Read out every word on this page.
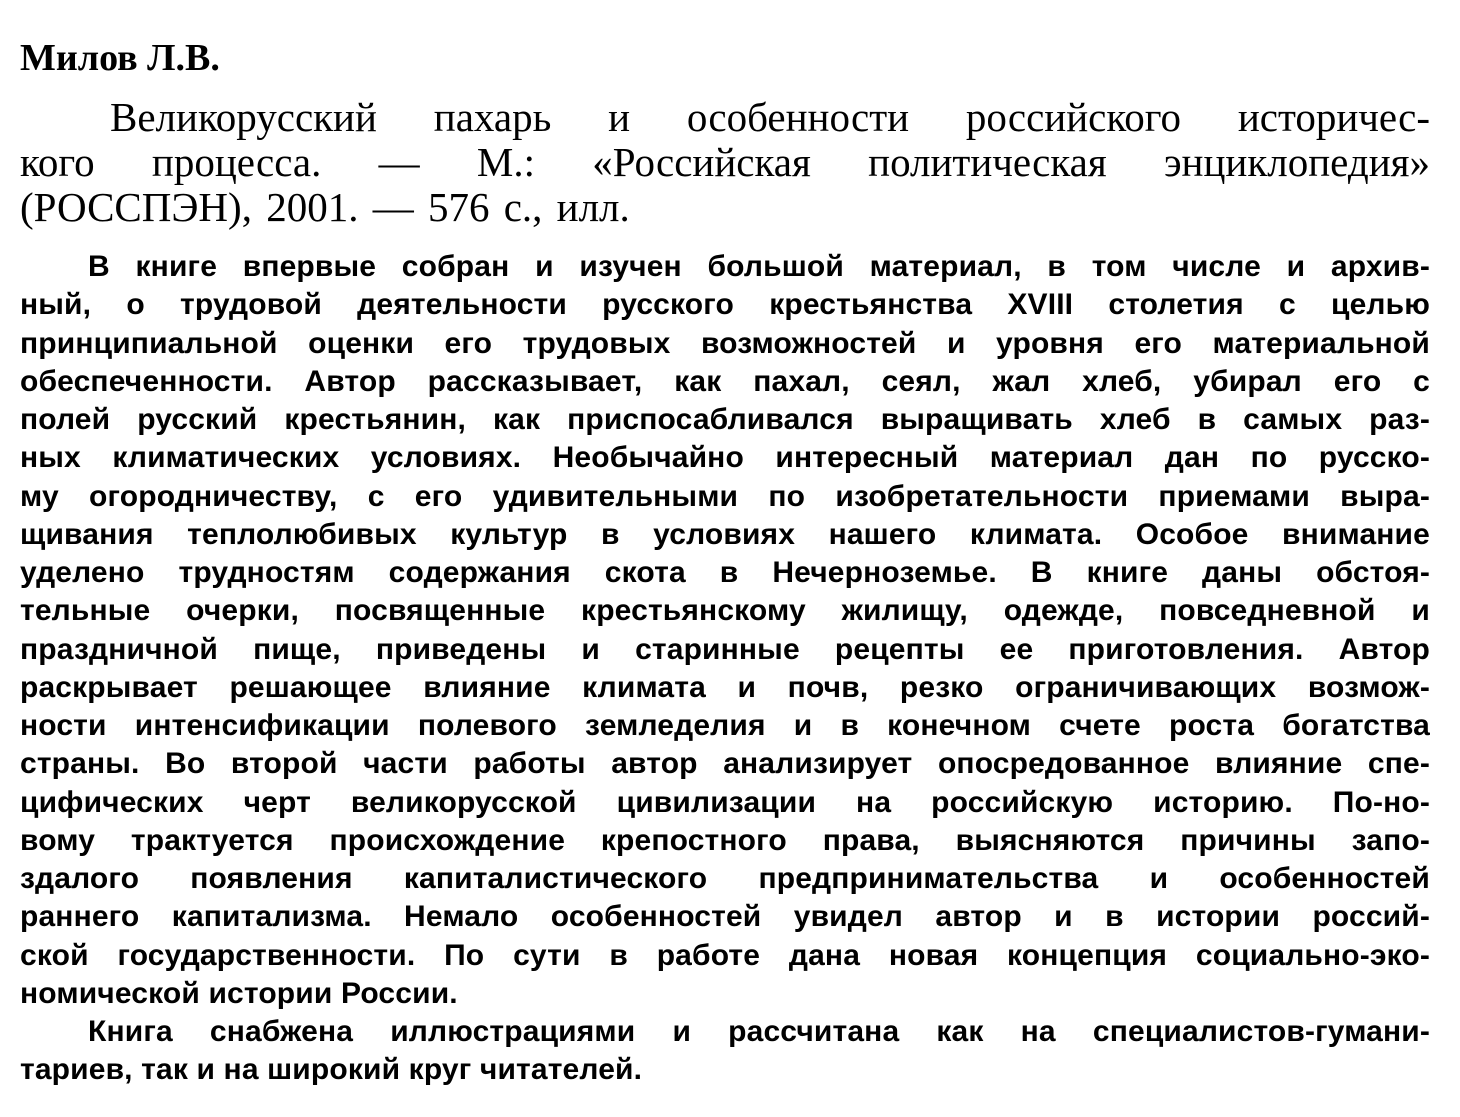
Милов Л.В.
Великорусский пахарь и особенности российского историчес-
кого процесса. — М.: «Российская политическая энциклопедия»
(РОССПЭН), 2001. — 576 с., илл.
В книге впервые собран и изучен большой материал, в том числе и архив-
ный, о трудовой деятельности русского крестьянства XVIII столетия с целью
принципиальной оценки его трудовых возможностей и уровня его материальной
обеспеченности. Автор рассказывает, как пахал, сеял, жал хлеб, убирал его с
полей русский крестьянин, как приспосабливался выращивать хлеб в самых раз-
ных климатических условиях. Необычайно интересный материал дан по русско-
му огородничеству, с его удивительными по изобретательности приемами выра-
щивания теплолюбивых культур в условиях нашего климата. Особое внимание
уделено трудностям содержания скота в Нечерноземье. В книге даны обстоя-
тельные очерки, посвященные крестьянскому жилищу, одежде, повседневной и
праздничной пище, приведены и старинные рецепты ее приготовления. Автор
раскрывает решающее влияние климата и почв, резко ограничивающих возмож-
ности интенсификации полевого земледелия и в конечном счете роста богатства
страны. Во второй части работы автор анализирует опосредованное влияние спе-
цифических черт великорусской цивилизации на российскую историю. По-но-
вому трактуется происхождение крепостного права, выясняются причины запо-
здалого появления капиталистического предпринимательства и особенностей
раннего капитализма. Немало особенностей увидел автор и в истории россий-
ской государственности. По сути в работе дана новая концепция социально-эко-
номической истории России.
Книга снабжена иллюстрациями и рассчитана как на специалистов-гумани-
тариев, так и на широкий круг читателей.
